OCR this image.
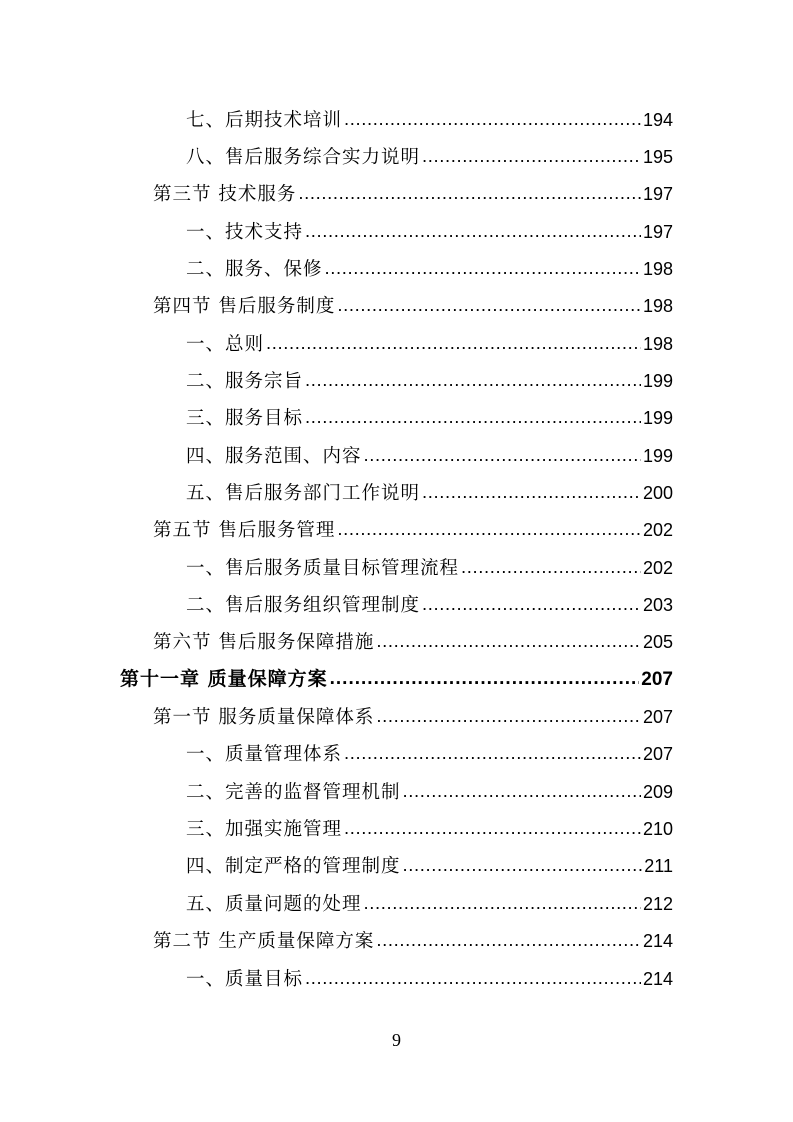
七、后期技术培训 .....	194
八、售后服务综合实力说明 .....	195
第三节 技术服务 .....	197
一、技术支持 .....	197
二、服务、保修 .....	198
第四节 售后服务制度 .....	198
一、总则 .....	198
二、服务宗旨 .....	199
三、服务目标 .....	199
四、服务范围、内容 .....	199
五、售后服务部门工作说明 .....	200
第五节 售后服务管理 .....	202
一、售后服务质量目标管理流程 .....	202
二、售后服务组织管理制度 .....	203
第六节 售后服务保障措施 .....	205
第十一章 质量保障方案 .....	207
第一节 服务质量保障体系 .....	207
一、质量管理体系 .....	207
二、完善的监督管理机制 .....	209
三、加强实施管理 .....	210
四、制定严格的管理制度 .....	211
五、质量问题的处理 .....	212
第二节 生产质量保障方案 .....	214
一、质量目标 .....	214
9
